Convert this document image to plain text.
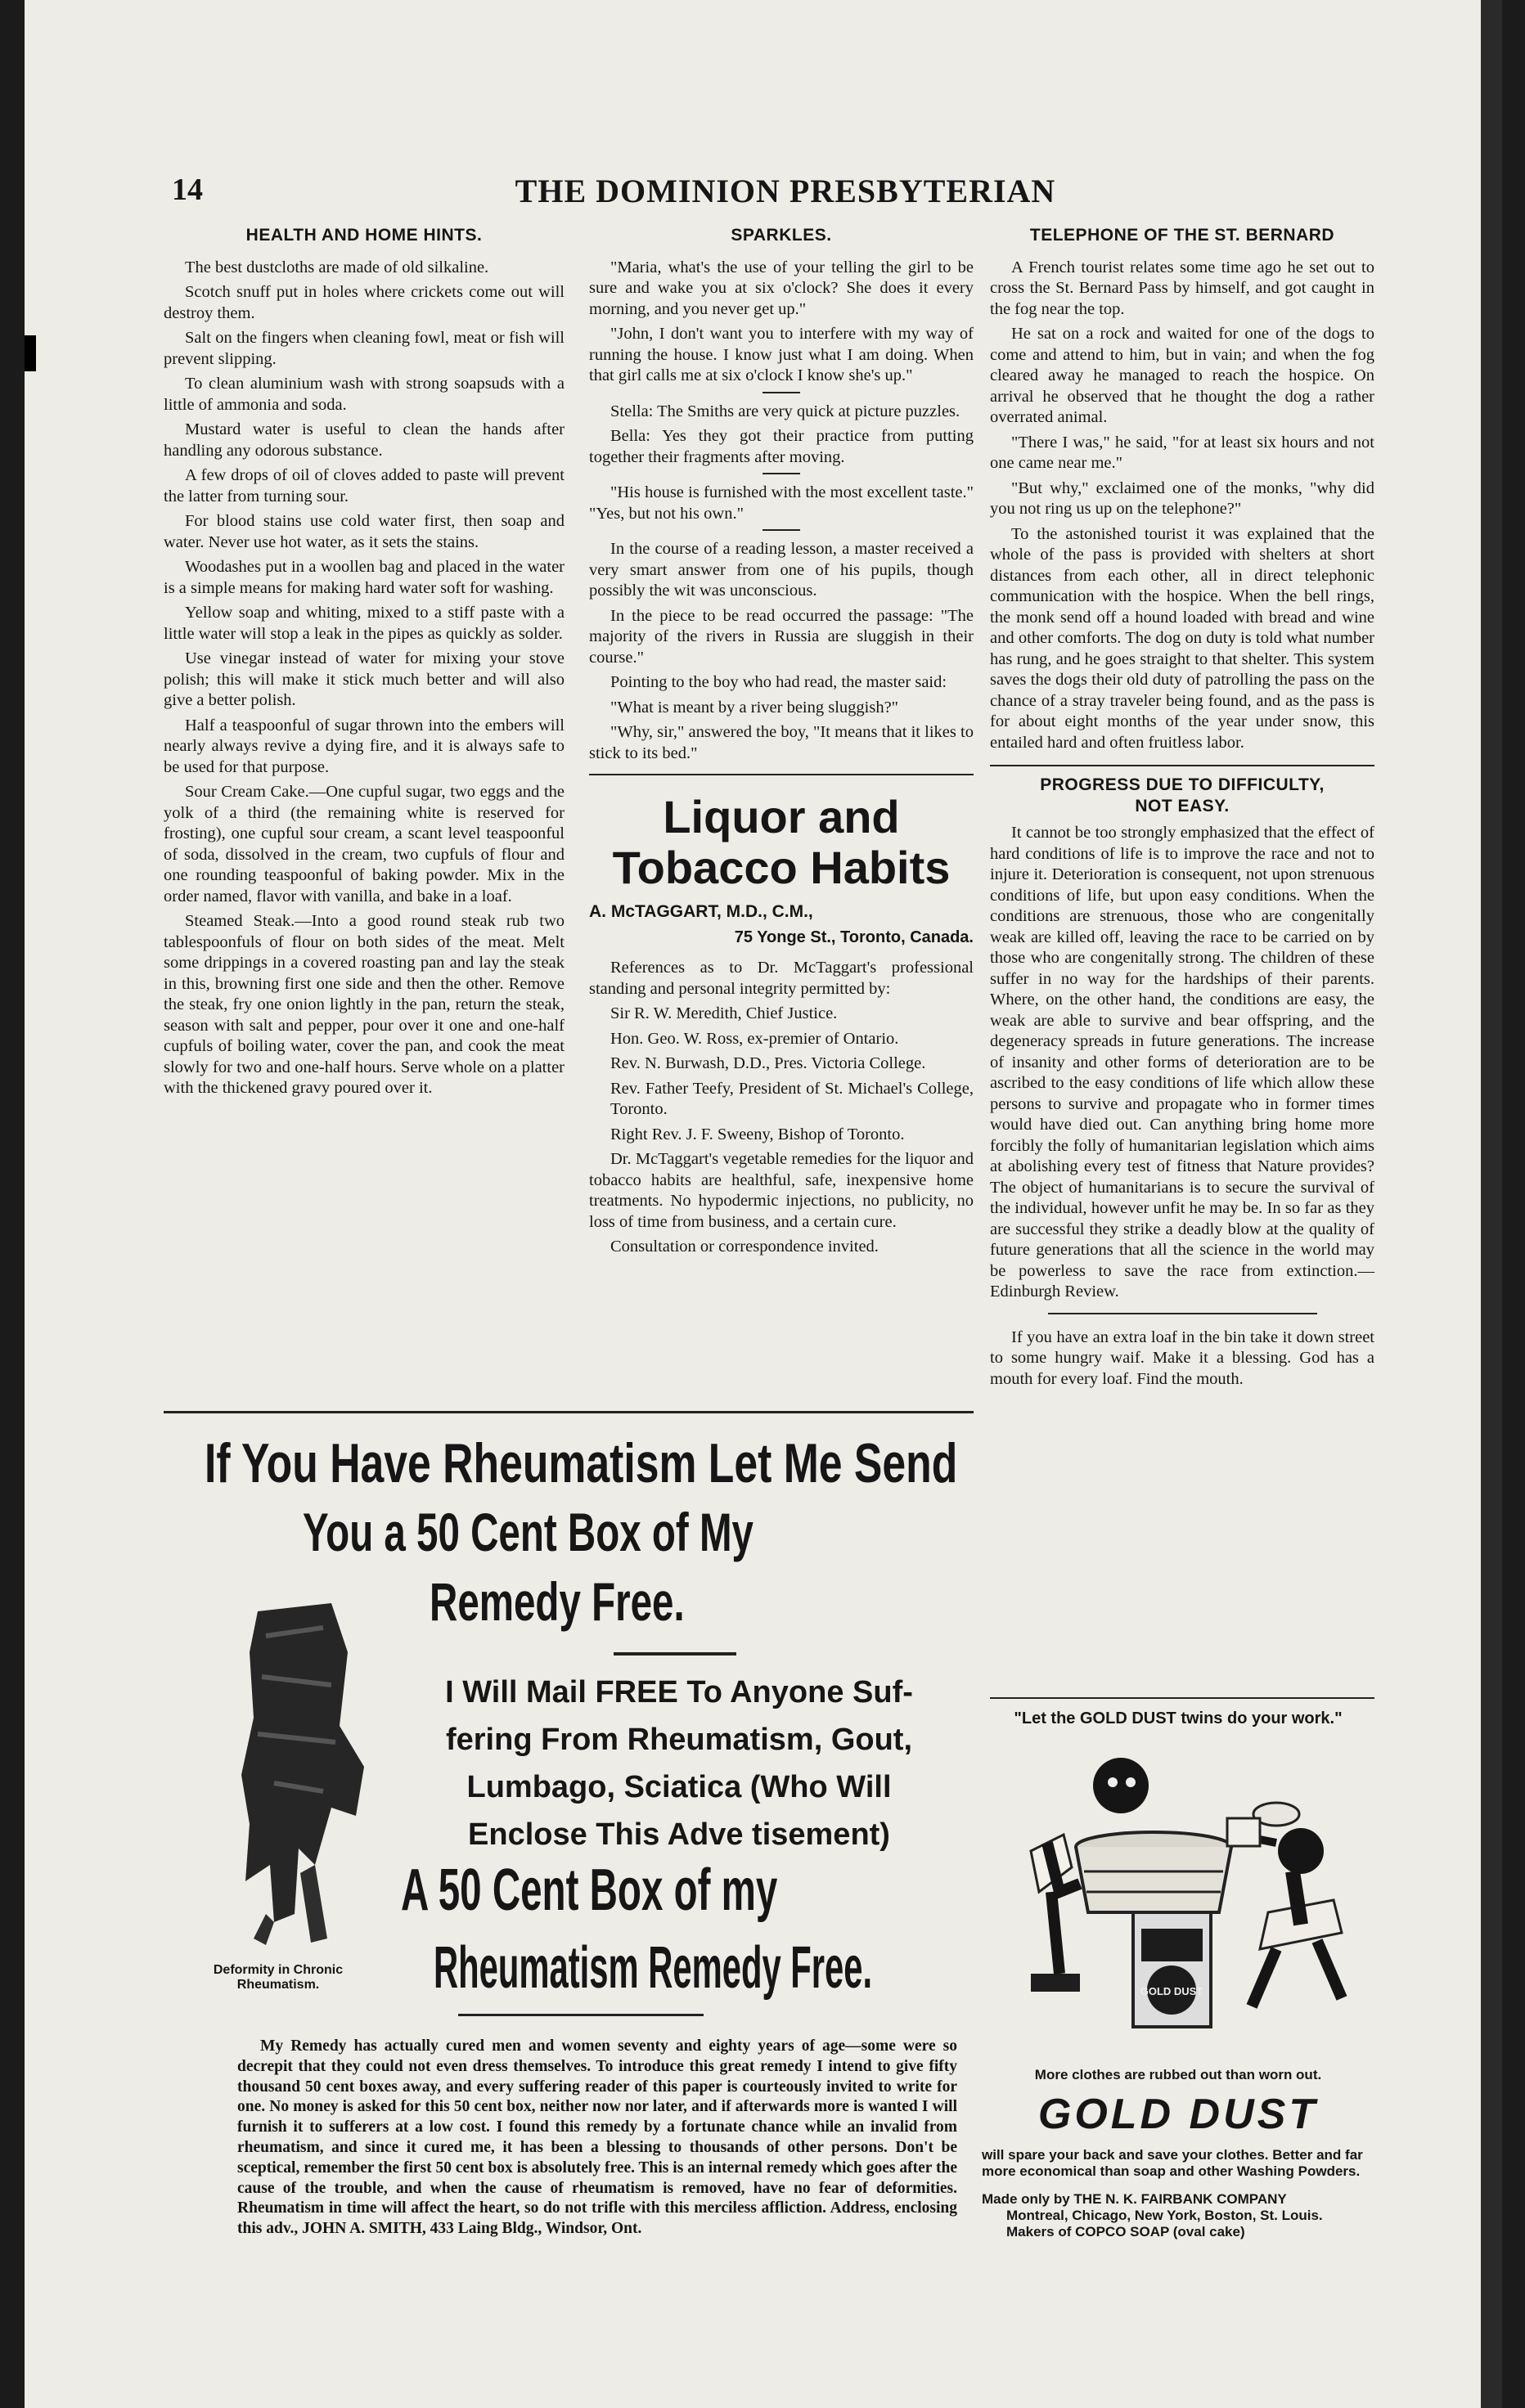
14	THE DOMINION PRESBYTERIAN
HEALTH AND HOME HINTS.

The best dustcloths are made of old silkaline.

Scotch snuff put in holes where crickets come out will destroy them.

Salt on the fingers when cleaning fowl, meat or fish will prevent slipping.

To clean aluminium wash with strong soapsuds with a little of ammonia and soda.

Mustard water is useful to clean the hands after handling any odorous substance.

A few drops of oil of cloves added to paste will prevent the latter from turning sour.

For blood stains use cold water first, then soap and water. Never use hot water, as it sets the stains.

Woodashes put in a woollen bag and placed in the water is a simple means for making hard water soft for washing.

Yellow soap and whiting, mixed to a stiff paste with a little water will stop a leak in the pipes as quickly as solder.

Use vinegar instead of water for mixing your stove polish; this will make it stick much better and will also give a better polish.

Half a teaspoonful of sugar thrown into the embers will nearly always revive a dying fire, and it is always safe to be used for that purpose.

Sour Cream Cake.—One cupful sugar, two eggs and the yolk of a third (the remaining white is reserved for frosting), one cupful sour cream, a scant level teaspoonful of soda, dissolved in the cream, two cupfuls of flour and one rounding teaspoonful of baking powder. Mix in the order named, flavor with vanilla, and bake in a loaf.

Steamed Steak.—Into a good round steak rub two tablespoonfuls of flour on both sides of the meat. Melt some drippings in a covered roasting pan and lay the steak in this, browning first one side and then the other. Remove the steak, fry one onion lightly in the pan, return the steak, season with salt and pepper, pour over it one and one-half cupfuls of boiling water, cover the pan, and cook the meat slowly for two and one-half hours. Serve whole on a platter with the thickened gravy poured over it.

SPARKLES.

"Maria, what's the use of your telling the girl to be sure and wake you at six o'clock? She does it every morning, and you never get up."

"John, I don't want you to interfere with my way of running the house. I know just what I am doing. When that girl calls me at six o'clock I know she's up."

Stella: The Smiths are very quick at picture puzzles.

Bella: Yes they got their practice from putting together their fragments after moving.

"His house is furnished with the most excellent taste." "Yes, but not his own."

In the course of a reading lesson, a master received a very smart answer from one of his pupils, though possibly the wit was unconscious.

In the piece to be read occurred the passage: "The majority of the rivers in Russia are sluggish in their course."

Pointing to the boy who had read, the master said:

"What is meant by a river being sluggish?"

"Why, sir," answered the boy, "It means that it likes to stick to its bed."

Liquor and
Tobacco Habits
A. McTAGGART, M.D., C.M.,
75 Yonge St., Toronto, Canada.

References as to Dr. McTaggart's professional standing and personal integrity permitted by:

Sir R. W. Meredith, Chief Justice.

Hon. Geo. W. Ross, ex-premier of Ontario.

Rev. N. Burwash, D.D., Pres. Victoria College.

Rev. Father Teefy, President of St. Michael's College, Toronto.

Right Rev. J. F. Sweeny, Bishop of Toronto.

Dr. McTaggart's vegetable remedies for the liquor and tobacco habits are healthful, safe, inexpensive home treatments. No hypodermic injections, no publicity, no loss of time from business, and a certain cure.

Consultation or correspondence invited.

TELEPHONE OF THE ST. BERNARD

A French tourist relates some time ago he set out to cross the St. Bernard Pass by himself, and got caught in the fog near the top.

He sat on a rock and waited for one of the dogs to come and attend to him, but in vain; and when the fog cleared away he managed to reach the hospice. On arrival he observed that he thought the dog a rather overrated animal.

"There I was," he said, "for at least six hours and not one came near me."

"But why," exclaimed one of the monks, "why did you not ring us up on the telephone?"

To the astonished tourist it was explained that the whole of the pass is provided with shelters at short distances from each other, all in direct telephonic communication with the hospice. When the bell rings, the monk send off a hound loaded with bread and wine and other comforts. The dog on duty is told what number has rung, and he goes straight to that shelter. This system saves the dogs their old duty of patrolling the pass on the chance of a stray traveler being found, and as the pass is for about eight months of the year under snow, this entailed hard and often fruitless labor.

PROGRESS DUE TO DIFFICULTY,
NOT EASY.

It cannot be too strongly emphasized that the effect of hard conditions of life is to improve the race and not to injure it. Deterioration is consequent, not upon strenuous conditions of life, but upon easy conditions. When the conditions are strenuous, those who are congenitally weak are killed off, leaving the race to be carried on by those who are congenitally strong. The children of these suffer in no way for the hardships of their parents. Where, on the other hand, the conditions are easy, the weak are able to survive and bear offspring, and the degeneracy spreads in future generations. The increase of insanity and other forms of deterioration are to be ascribed to the easy conditions of life which allow these persons to survive and propagate who in former times would have died out. Can anything bring home more forcibly the folly of humanitarian legislation which aims at abolishing every test of fitness that Nature provides? The object of humanitarians is to secure the survival of the individual, however unfit he may be. In so far as they are successful they strike a deadly blow at the quality of future generations that all the science in the world may be powerless to save the race from extinction.—Edinburgh Review.

If you have an extra loaf in the bin take it down street to some hungry waif. Make it a blessing. God has a mouth for every loaf. Find the mouth.

If You Have Rheumatism Let Me Send
You a 50 Cent Box of My
Remedy Free.
Deformity in Chronic
Rheumatism.
I Will Mail FREE To Anyone Suf-
fering From Rheumatism, Gout,
Lumbago, Sciatica (Who Will
Enclose This Adve tisement)
A 50 Cent Box of my
Rheumatism Remedy Free.

My Remedy has actually cured men and women seventy and eighty years of age—some were so decrepit that they could not even dress themselves. To introduce this great remedy I intend to give fifty thousand 50 cent boxes away, and every suffering reader of this paper is courteously invited to write for one. No money is asked for this 50 cent box, neither now nor later, and if afterwards more is wanted I will furnish it to sufferers at a low cost. I found this remedy by a fortunate chance while an invalid from rheumatism, and since it cured me, it has been a blessing to thousands of other persons. Don't be sceptical, remember the first 50 cent box is absolutely free. This is an internal remedy which goes after the cause of the trouble, and when the cause of rheumatism is removed, have no fear of deformities. Rheumatism in time will affect the heart, so do not trifle with this merciless affliction. Address, enclosing this adv., JOHN A. SMITH, 433 Laing Bldg., Windsor, Ont.

"Let the GOLD DUST twins do your work."
GOLD DUST
More clothes are rubbed out than worn out.
GOLD DUST
will spare your back and save your clothes. Better and far more economical than soap and other Washing Powders.
Made only by THE N. K. FAIRBANK COMPANY
Montreal, Chicago, New York, Boston, St. Louis.
Makers of COPCO SOAP (oval cake)
